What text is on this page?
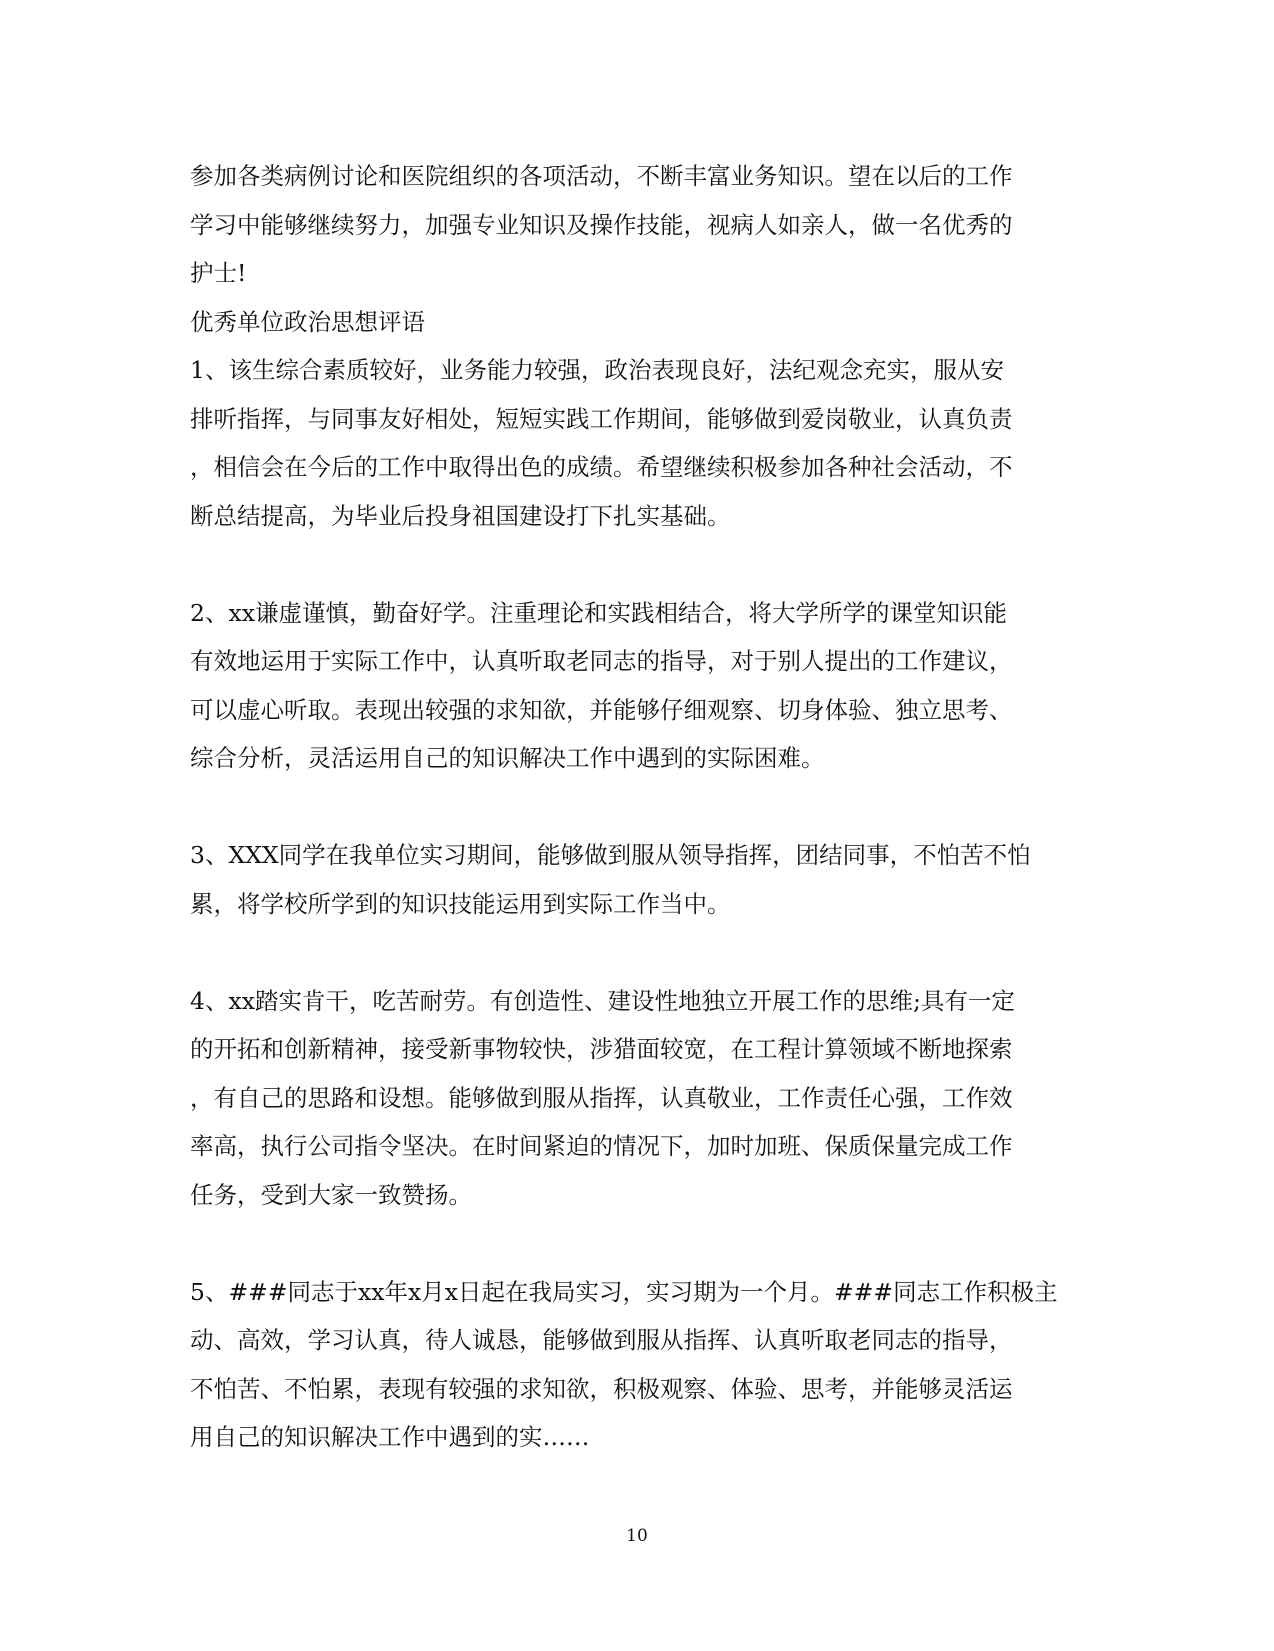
参加各类病例讨论和医院组织的各项活动，不断丰富业务知识。望在以后的工作
学习中能够继续努力，加强专业知识及操作技能，视病人如亲人，做一名优秀的
护士!

优秀单位政治思想评语

1、该生综合素质较好，业务能力较强，政治表现良好，法纪观念充实，服从安
排听指挥，与同事友好相处，短短实践工作期间，能够做到爱岗敬业，认真负责
，相信会在今后的工作中取得出色的成绩。希望继续积极参加各种社会活动，不
断总结提高，为毕业后投身祖国建设打下扎实基础。

2、xx谦虚谨慎，勤奋好学。注重理论和实践相结合，将大学所学的课堂知识能
有效地运用于实际工作中，认真听取老同志的指导，对于别人提出的工作建议，
可以虚心听取。表现出较强的求知欲，并能够仔细观察、切身体验、独立思考、
综合分析，灵活运用自己的知识解决工作中遇到的实际困难。

3、XXX同学在我单位实习期间，能够做到服从领导指挥，团结同事，不怕苦不怕
累，将学校所学到的知识技能运用到实际工作当中。

4、xx踏实肯干，吃苦耐劳。有创造性、建设性地独立开展工作的思维;具有一定
的开拓和创新精神，接受新事物较快，涉猎面较宽，在工程计算领域不断地探索
，有自己的思路和设想。能够做到服从指挥，认真敬业，工作责任心强，工作效
率高，执行公司指令坚决。在时间紧迫的情况下，加时加班、保质保量完成工作
任务，受到大家一致赞扬。

5、###同志于xx年x月x日起在我局实习，实习期为一个月。###同志工作积极主
动、高效，学习认真，待人诚恳，能够做到服从指挥、认真听取老同志的指导，
不怕苦、不怕累，表现有较强的求知欲，积极观察、体验、思考，并能够灵活运
用自己的知识解决工作中遇到的实……

10
